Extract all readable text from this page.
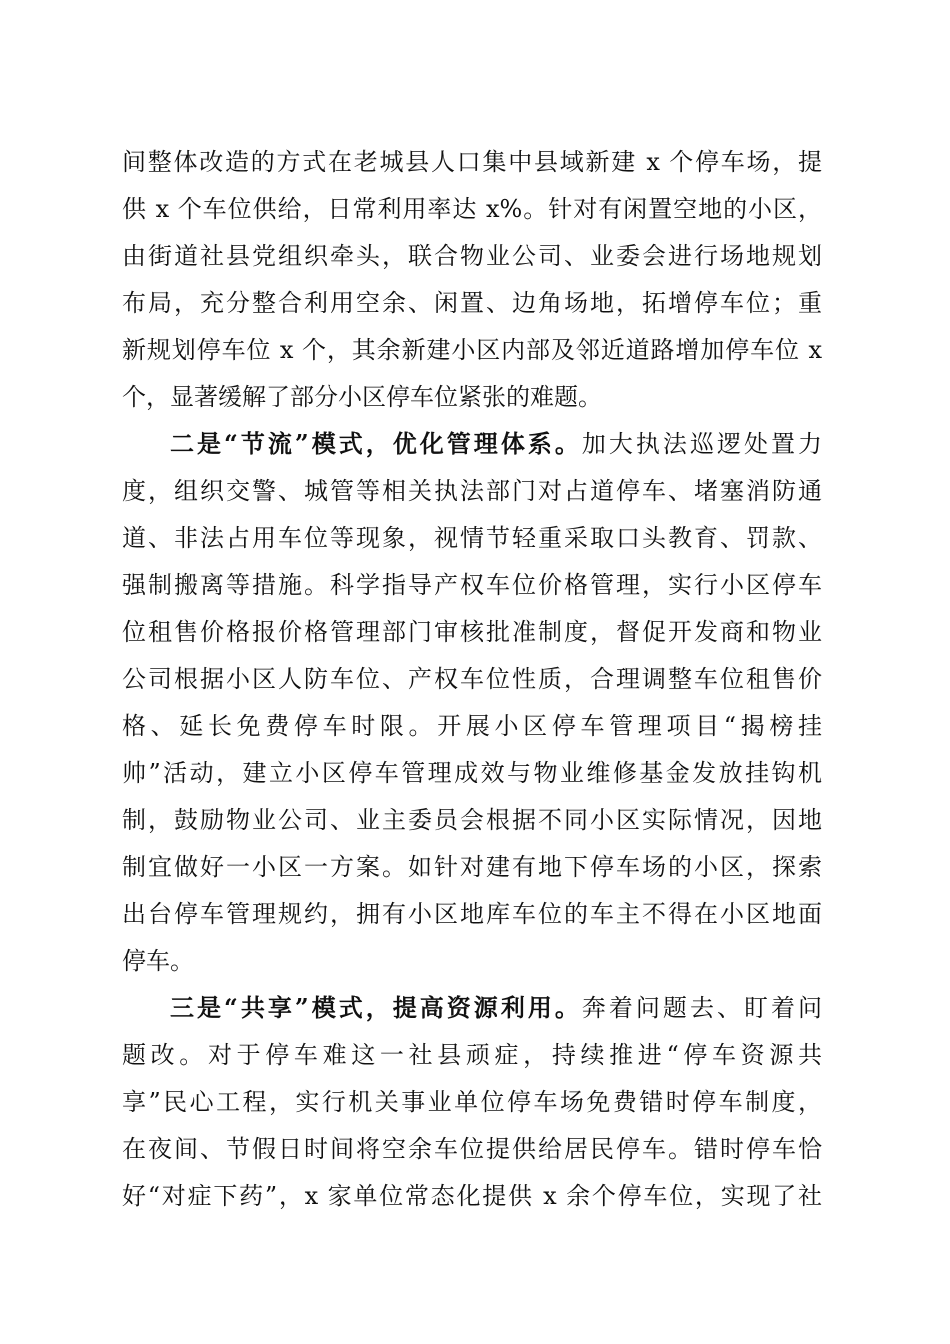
间整体改造的方式在老城县人口集中县域新建 x 个停车场，提
供 x 个车位供给，日常利用率达 x%。针对有闲置空地的小区，
由街道社县党组织牵头，联合物业公司、业委会进行场地规划
布局，充分整合利用空余、闲置、边角场地，拓增停车位；重
新规划停车位 x 个，其余新建小区内部及邻近道路增加停车位 x
个，显著缓解了部分小区停车位紧张的难题。
二是“节流”模式，优化管理体系。加大执法巡逻处置力
度，组织交警、城管等相关执法部门对占道停车、堵塞消防通
道、非法占用车位等现象，视情节轻重采取口头教育、罚款、
强制搬离等措施。科学指导产权车位价格管理，实行小区停车
位租售价格报价格管理部门审核批准制度，督促开发商和物业
公司根据小区人防车位、产权车位性质，合理调整车位租售价
格、延长免费停车时限。开展小区停车管理项目“揭榜挂
帅”活动，建立小区停车管理成效与物业维修基金发放挂钩机
制，鼓励物业公司、业主委员会根据不同小区实际情况，因地
制宜做好一小区一方案。如针对建有地下停车场的小区，探索
出台停车管理规约，拥有小区地库车位的车主不得在小区地面
停车。
三是“共享”模式，提高资源利用。奔着问题去、盯着问
题改。对于停车难这一社县顽症，持续推进“停车资源共
享”民心工程，实行机关事业单位停车场免费错时停车制度，
在夜间、节假日时间将空余车位提供给居民停车。错时停车恰
好“对症下药”，x 家单位常态化提供 x 余个停车位，实现了社
